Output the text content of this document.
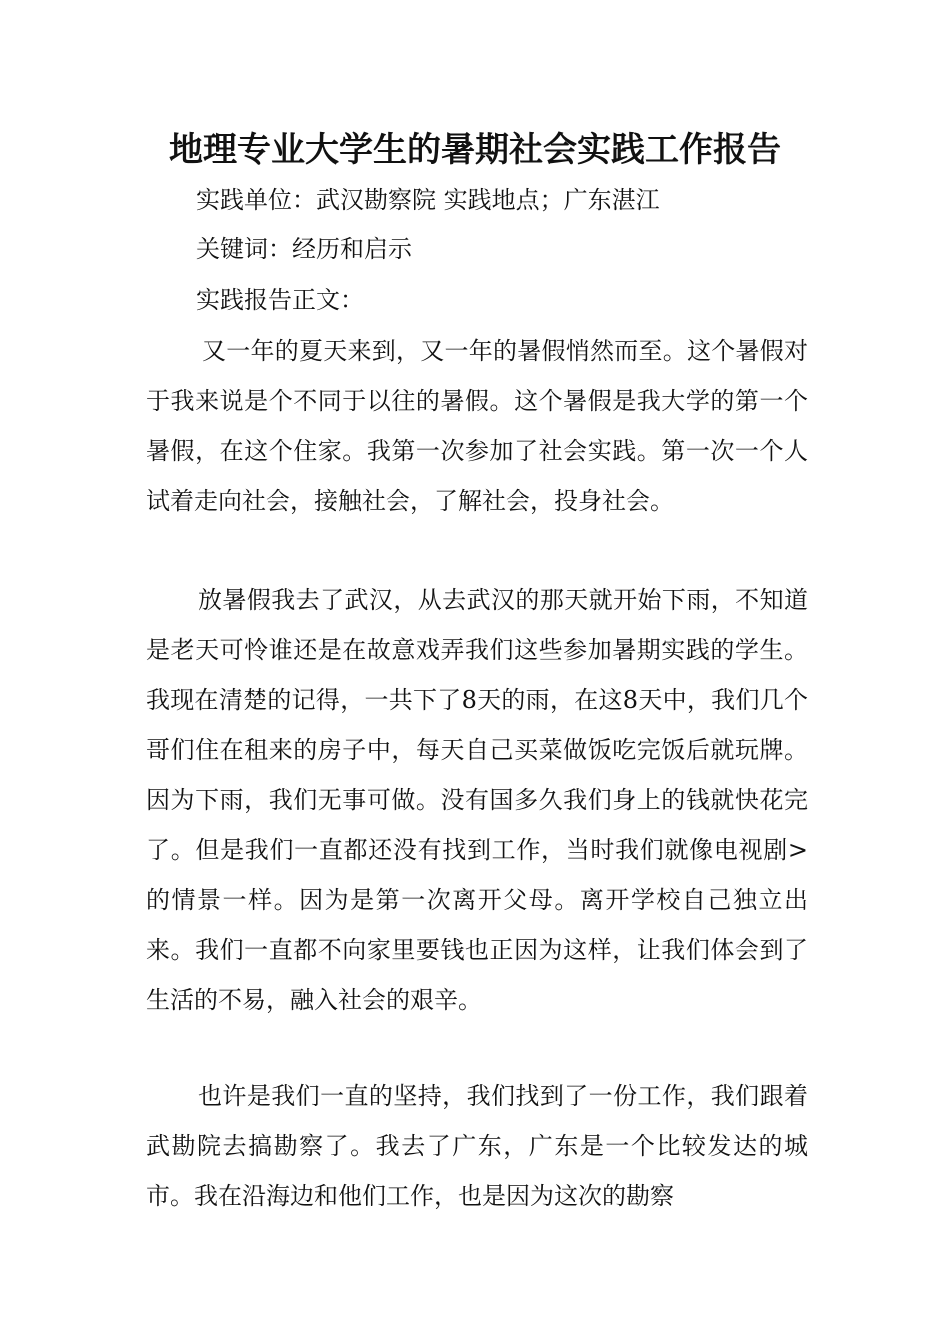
地理专业大学生的暑期社会实践工作报告
实践单位：武汉勘察院 实践地点；广东湛江
关键词：经历和启示
实践报告正文：

又一年的夏天来到，又一年的暑假悄然而至。这个暑假对于我来说是个不同于以往的暑假。这个暑假是我大学的第一个暑假，在这个住家。我第一次参加了社会实践。第一次一个人试着走向社会，接触社会，了解社会，投身社会。

放暑假我去了武汉，从去武汉的那天就开始下雨，不知道是老天可怜谁还是在故意戏弄我们这些参加暑期实践的学生。我现在清楚的记得，一共下了8天的雨，在这8天中，我们几个哥们住在租来的房子中，每天自己买菜做饭吃完饭后就玩牌。因为下雨，我们无事可做。没有国多久我们身上的钱就快花完了。但是我们一直都还没有找到工作，当时我们就像电视剧>的情景一样。因为是第一次离开父母。离开学校自己独立出来。我们一直都不向家里要钱也正因为这样，让我们体会到了生活的不易，融入社会的艰辛。

也许是我们一直的坚持，我们找到了一份工作，我们跟着武勘院去搞勘察了。我去了广东，广东是一个比较发达的城市。我在沿海边和他们工作，也是因为这次的勘察
